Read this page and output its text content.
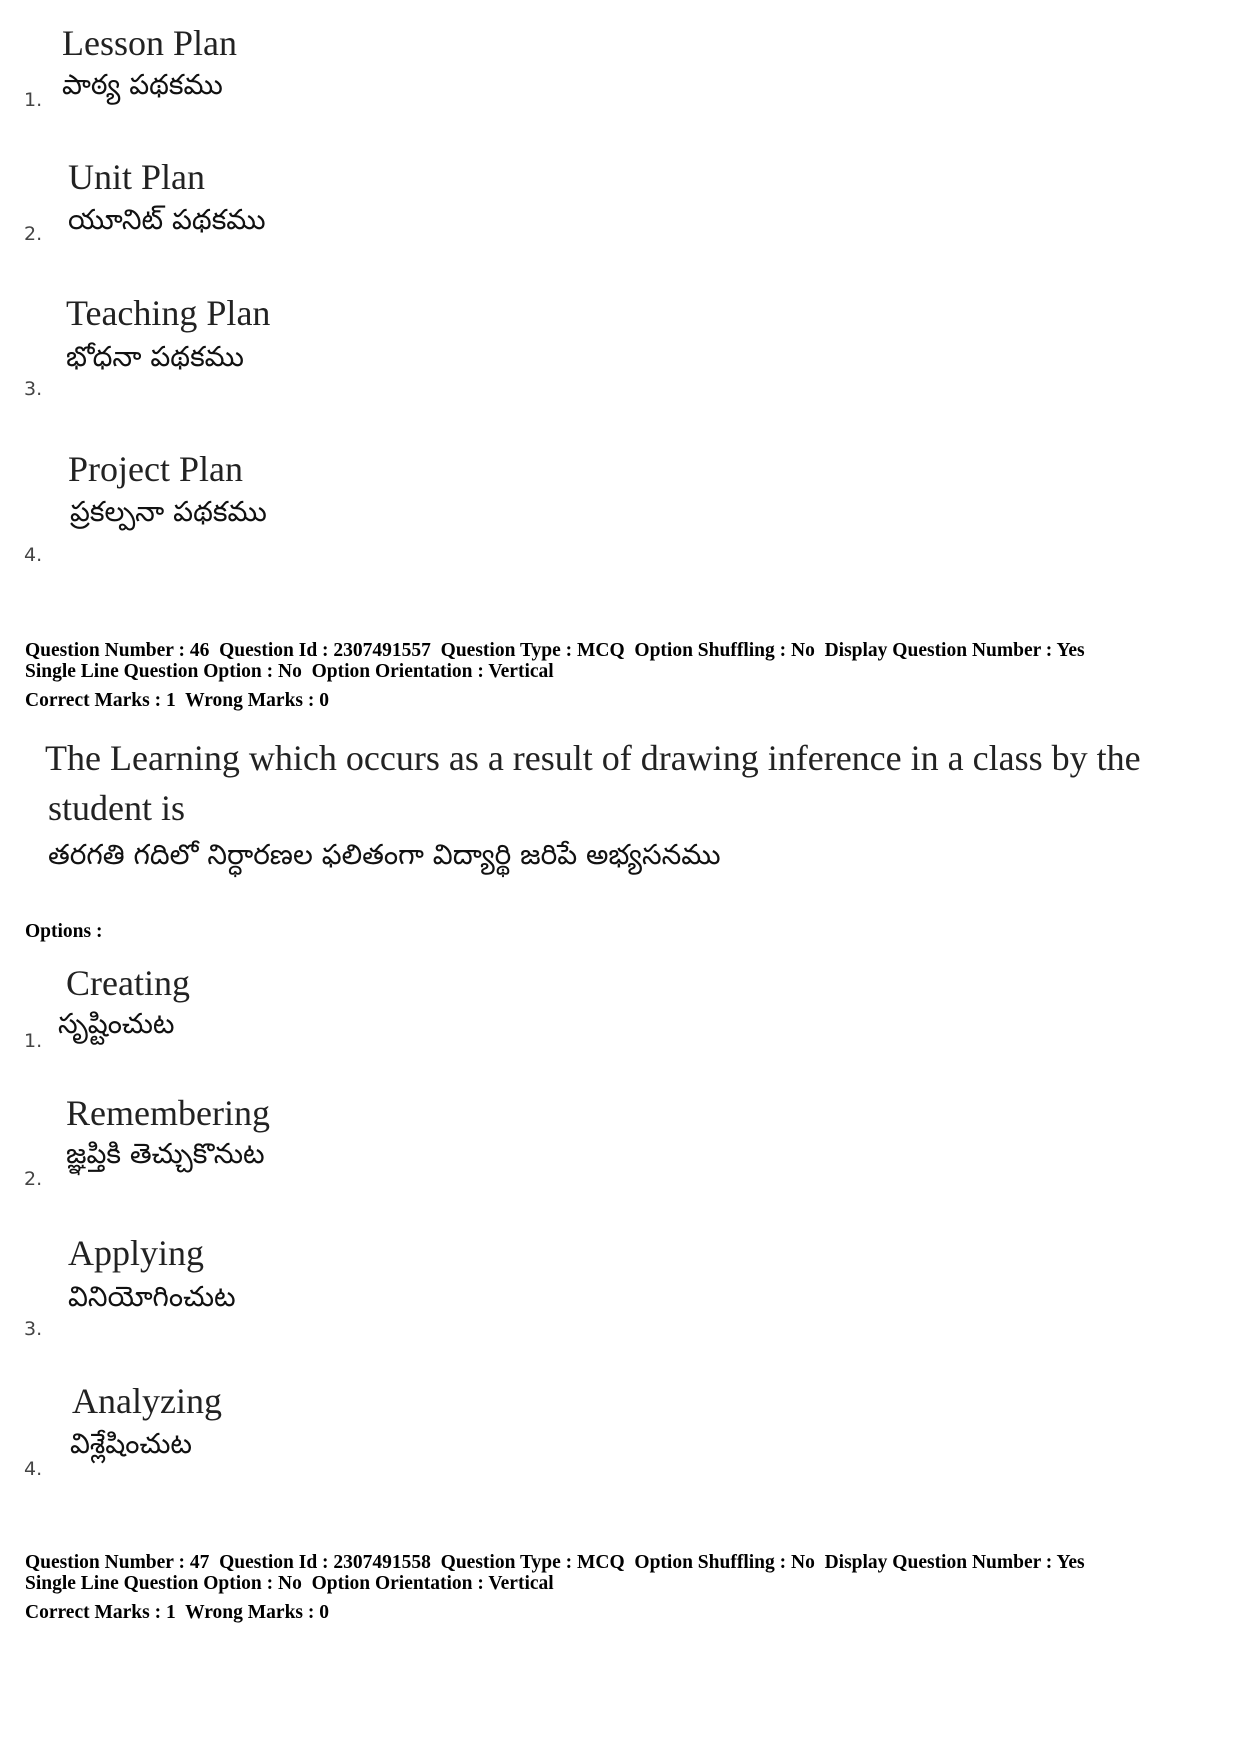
Lesson Plan
పాఠ్య పథకము
1.
Unit Plan
యూనిట్ పథకము
2.
Teaching Plan
భోధనా పథకము
3.
Project Plan
ప్రకల్పనా పథకము
4.
Question Number : 46  Question Id : 2307491557  Question Type : MCQ  Option Shuffling : No  Display Question Number : Yes
Single Line Question Option : No  Option Orientation : Vertical
Correct Marks : 1  Wrong Marks : 0
The Learning which occurs as a result of drawing inference in a class by the
student is
తరగతి గదిలో నిర్ధారణల ఫలితంగా విద్యార్థి జరిపే అభ్యసనము
Options :
Creating
సృష్టించుట
1.
Remembering
జ్ఞప్తికి తెచ్చుకొనుట
2.
Applying
వినియోగించుట
3.
Analyzing
విశ్లేషించుట
4.
Question Number : 47  Question Id : 2307491558  Question Type : MCQ  Option Shuffling : No  Display Question Number : Yes
Single Line Question Option : No  Option Orientation : Vertical
Correct Marks : 1  Wrong Marks : 0
